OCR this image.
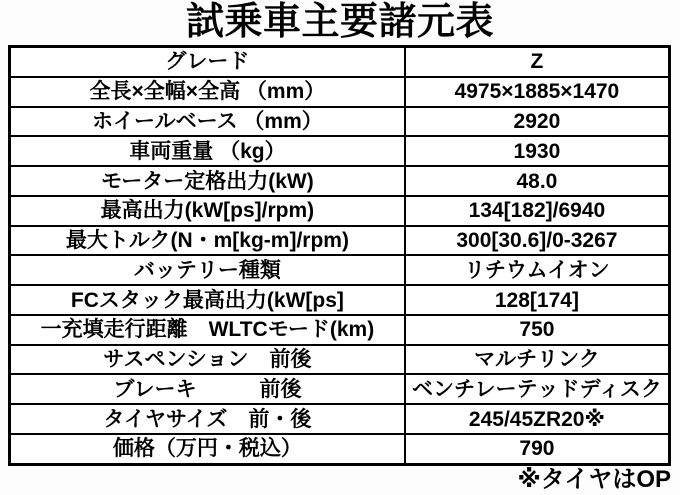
試乗車主要諸元表
グレード	Z
全長×全幅×全高 （mm）	4975×1885×1470
ホイールベース （mm）	2920
車両重量 （kg）	1930
モーター定格出力(kW)	48.0
最高出力(kW[ps]/rpm)	134[182]/6940
最大トルク(N・m[kg-m]/rpm)	300[30.6]/0-3267
バッテリー種類	リチウムイオン
FCスタック最高出力(kW[ps]	128[174]
一充填走行距離　WLTCモード(km)	750
サスペンション　前後	マルチリンク
ブレーキ　　　前後	ベンチレーテッドディスク
タイヤサイズ　前・後	245/45ZR20※
価格（万円・税込）	790
※タイヤはOP
